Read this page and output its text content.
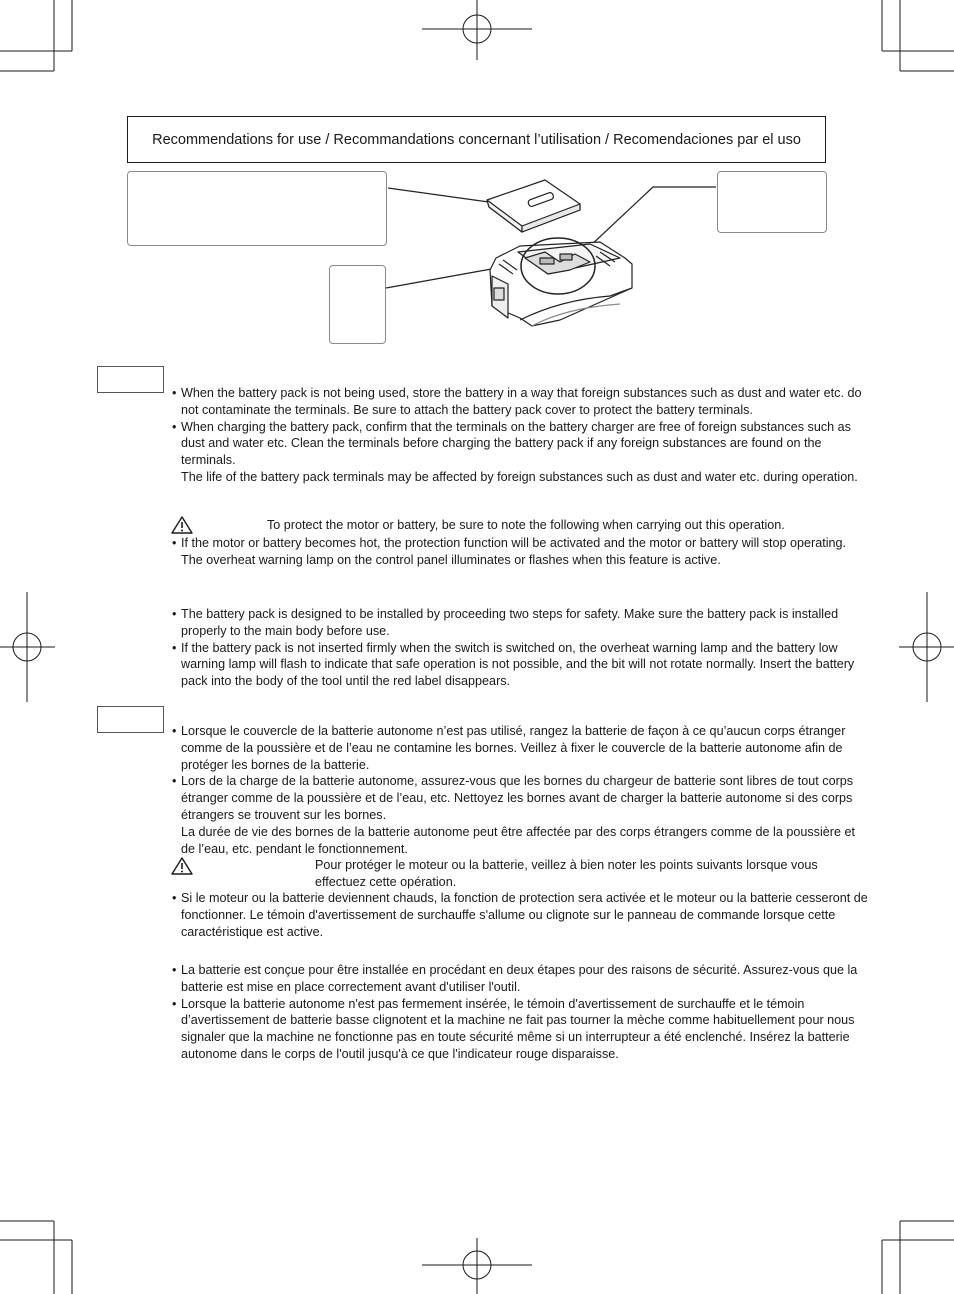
Recommendations for use / Recommandations concernant l’utilisation / Recomendaciones par el uso
• When the battery pack is not being used, store the battery in a way that foreign substances such as dust and water etc. do not contaminate the terminals. Be sure to attach the battery pack cover to protect the battery terminals.

• When charging the battery pack, confirm that the terminals on the battery charger are free of foreign substances such as dust and water etc. Clean the terminals before charging the battery pack if any foreign substances are found on the terminals.

The life of the battery pack terminals may be affected by foreign substances such as dust and water etc. during operation.

To protect the motor or battery, be sure to note the following when carrying out this operation.

• If the motor or battery becomes hot, the protection function will be activated and the motor or battery will stop operating.

The overheat warning lamp on the control panel illuminates or flashes when this feature is active.

• The battery pack is designed to be installed by proceeding two steps for safety. Make sure the battery pack is installed properly to the main body before use.

• If the battery pack is not inserted firmly when the switch is switched on, the overheat warning lamp and the battery low warning lamp will flash to indicate that safe operation is not possible, and the bit will not rotate normally. Insert the battery pack into the body of the tool until the red label disappears.

• Lorsque le couvercle de la batterie autonome n’est pas utilisé, rangez la batterie de façon à ce qu’aucun corps étranger comme de la poussière et de l’eau ne contamine les bornes. Veillez à fixer le couvercle de la batterie autonome afin de protéger les bornes de la batterie.

• Lors de la charge de la batterie autonome, assurez-vous que les bornes du chargeur de batterie sont libres de tout corps étranger comme de la poussière et de l’eau, etc. Nettoyez les bornes avant de charger la batterie autonome si des corps étrangers se trouvent sur les bornes.

La durée de vie des bornes de la batterie autonome peut être affectée par des corps étrangers comme de la poussière et de l’eau, etc. pendant le fonctionnement.

Pour protéger le moteur ou la batterie, veillez à bien noter les points suivants lorsque vous effectuez cette opération.

• Si le moteur ou la batterie deviennent chauds, la fonction de protection sera activée et le moteur ou la batterie cesseront de fonctionner. Le témoin d'avertissement de surchauffe s'allume ou clignote sur le panneau de commande lorsque cette caractéristique est active.

• La batterie est conçue pour être installée en procédant en deux étapes pour des raisons de sécurité. Assurez-vous que la batterie est mise en place correctement avant d'utiliser l'outil.

• Lorsque la batterie autonome n'est pas fermement insérée, le témoin d'avertissement de surchauffe et le témoin d’avertissement de batterie basse clignotent et la machine ne fait pas tourner la mèche comme habituellement pour nous signaler que la machine ne fonctionne pas en toute sécurité même si un interrupteur a été enclenché. Insérez la batterie autonome dans le corps de l'outil jusqu'à ce que l'indicateur rouge disparaisse.
